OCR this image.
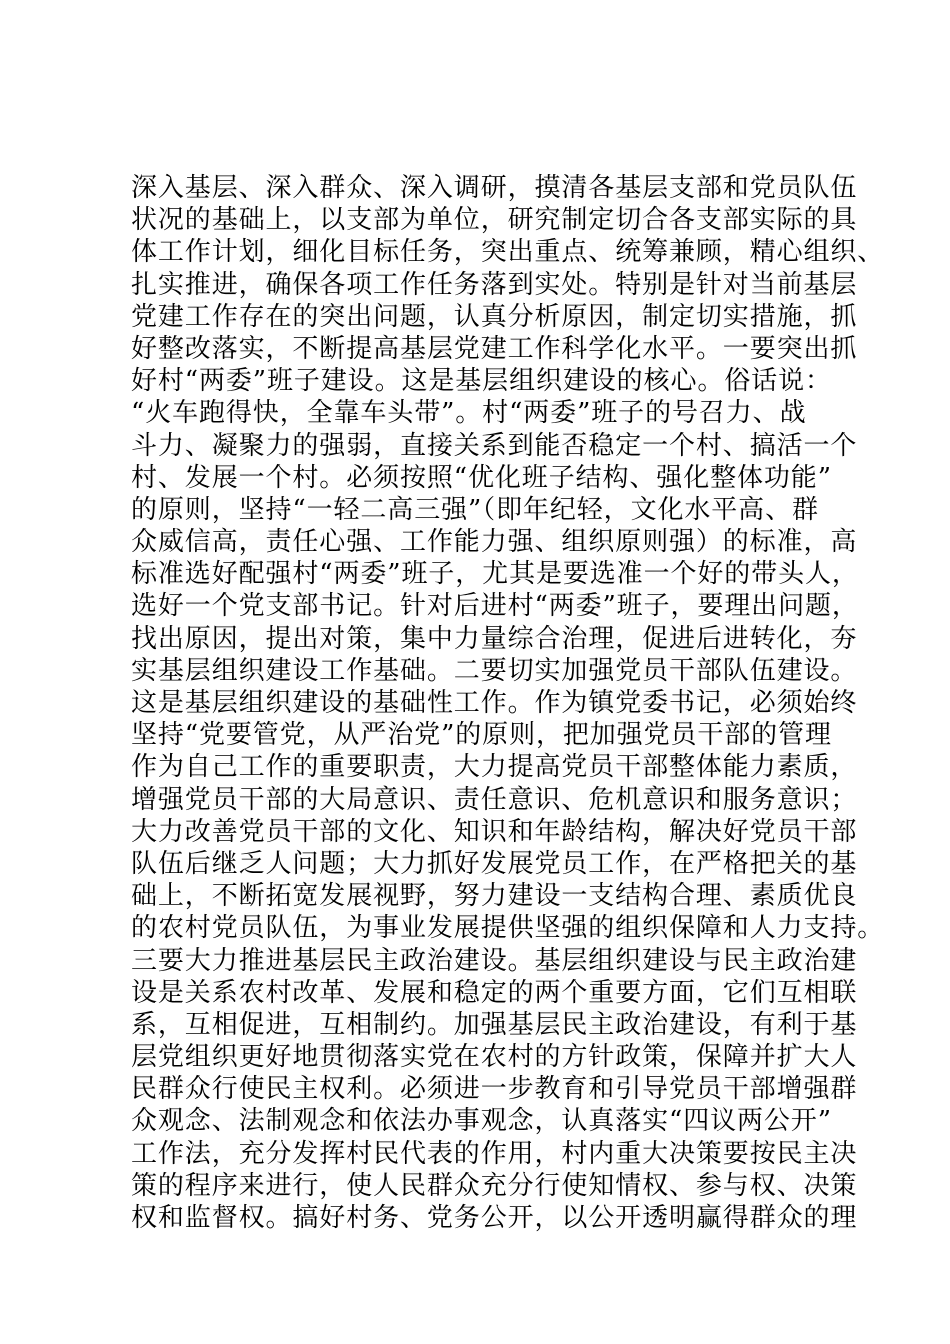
深入基层、深入群众、深入调研，摸清各基层支部和党员队伍
状况的基础上，以支部为单位，研究制定切合各支部实际的具
体工作计划，细化目标任务，突出重点、统筹兼顾，精心组织、
扎实推进，确保各项工作任务落到实处。特别是针对当前基层
党建工作存在的突出问题，认真分析原因，制定切实措施，抓
好整改落实，不断提高基层党建工作科学化水平。一要突出抓
好村“两委”班子建设。这是基层组织建设的核心。俗话说：
“火车跑得快，全靠车头带”。村“两委”班子的号召力、战
斗力、凝聚力的强弱，直接关系到能否稳定一个村、搞活一个
村、发展一个村。必须按照“优化班子结构、强化整体功能”
的原则，坚持“一轻二高三强”（即年纪轻，文化水平高、群
众威信高，责任心强、工作能力强、组织原则强）的标准，高
标准选好配强村“两委”班子，尤其是要选准一个好的带头人，
选好一个党支部书记。针对后进村“两委”班子，要理出问题，
找出原因，提出对策，集中力量综合治理，促进后进转化，夯
实基层组织建设工作基础。二要切实加强党员干部队伍建设。
这是基层组织建设的基础性工作。作为镇党委书记，必须始终
坚持“党要管党，从严治党”的原则，把加强党员干部的管理
作为自己工作的重要职责，大力提高党员干部整体能力素质，
增强党员干部的大局意识、责任意识、危机意识和服务意识；
大力改善党员干部的文化、知识和年龄结构，解决好党员干部
队伍后继乏人问题；大力抓好发展党员工作，在严格把关的基
础上，不断拓宽发展视野，努力建设一支结构合理、素质优良
的农村党员队伍，为事业发展提供坚强的组织保障和人力支持。
三要大力推进基层民主政治建设。基层组织建设与民主政治建
设是关系农村改革、发展和稳定的两个重要方面，它们互相联
系，互相促进，互相制约。加强基层民主政治建设，有利于基
层党组织更好地贯彻落实党在农村的方针政策，保障并扩大人
民群众行使民主权利。必须进一步教育和引导党员干部增强群
众观念、法制观念和依法办事观念，认真落实“四议两公开”
工作法，充分发挥村民代表的作用，村内重大决策要按民主决
策的程序来进行，使人民群众充分行使知情权、参与权、决策
权和监督权。搞好村务、党务公开，以公开透明赢得群众的理
